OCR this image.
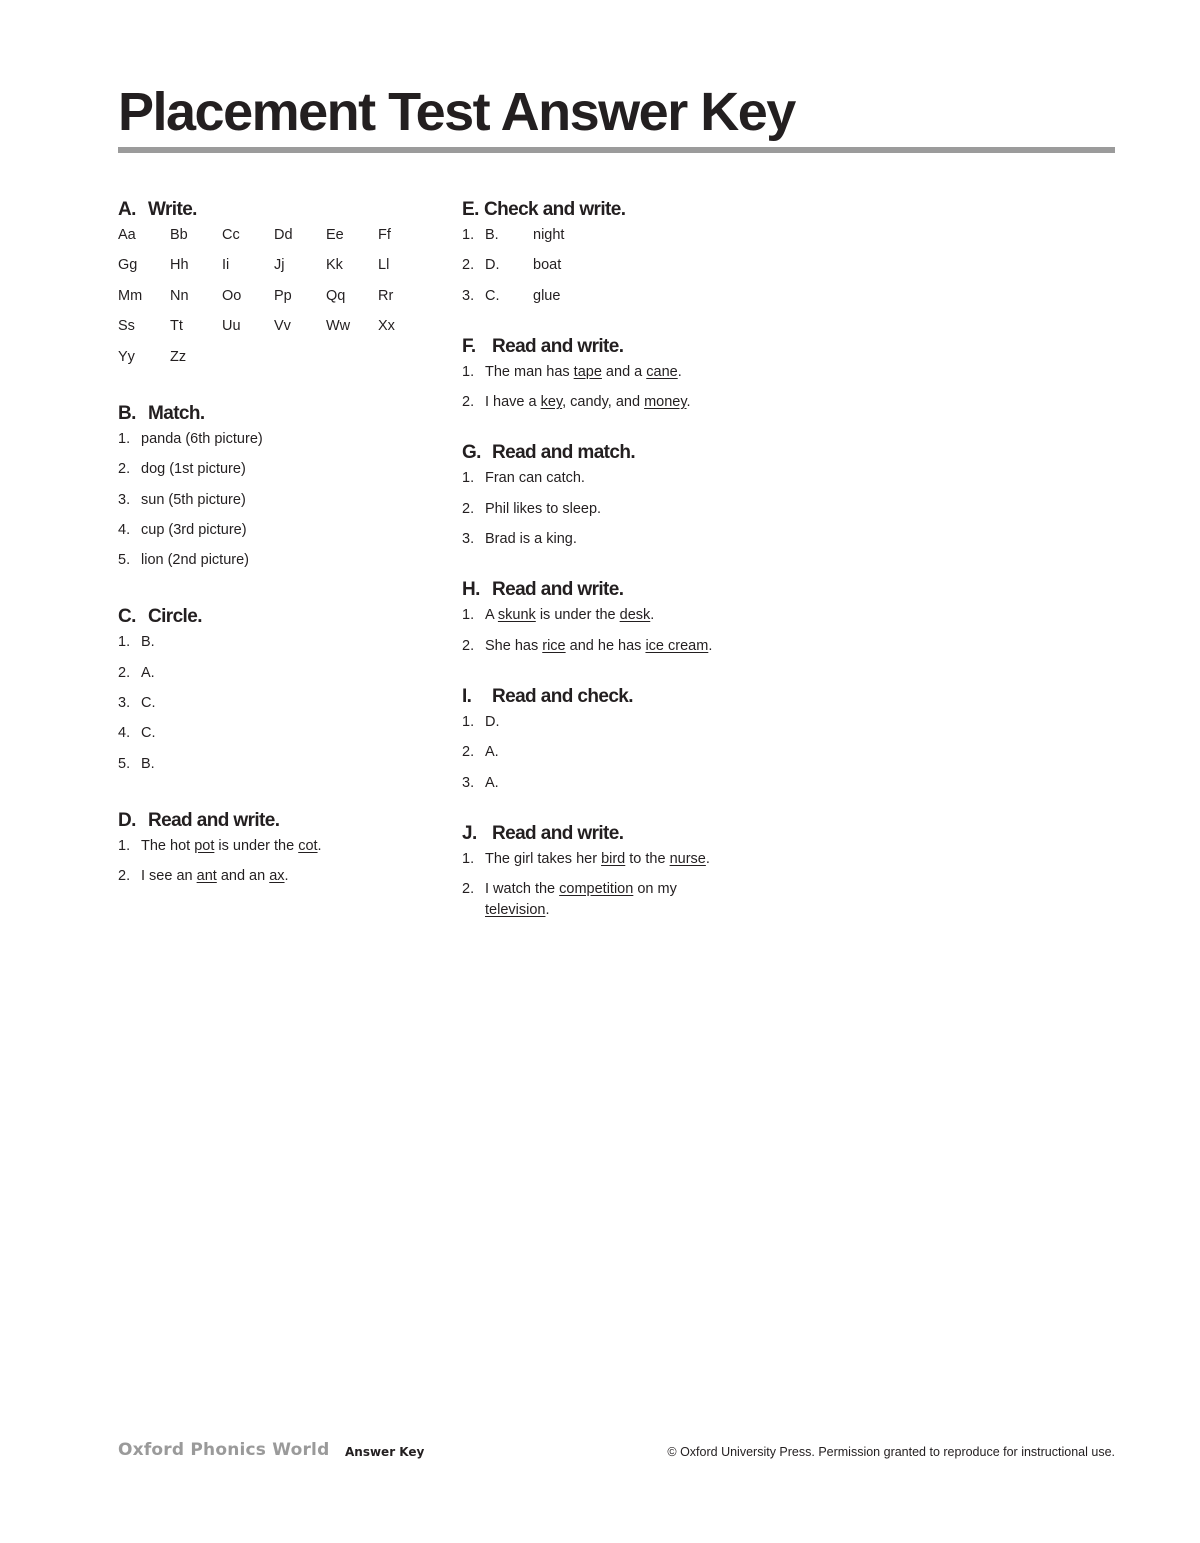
Placement Test Answer Key
A. Write.
Aa	Bb	Cc	Dd	Ee	Ff
Gg	Hh	Ii	Jj	Kk	Ll
Mm	Nn	Oo	Pp	Qq	Rr
Ss	Tt	Uu	Vv	Ww	Xx
Yy	Zz
B. Match.
1. panda (6th picture)
2. dog (1st picture)
3. sun (5th picture)
4. cup (3rd picture)
5. lion (2nd picture)
C. Circle.
1. B.
2. A.
3. C.
4. C.
5. B.
D. Read and write.
1. The hot pot is under the cot.
2. I see an ant and an ax.
E. Check and write.
1. B. night
2. D. boat
3. C. glue
F. Read and write.
1. The man has tape and a cane.
2. I have a key, candy, and money.
G. Read and match.
1. Fran can catch.
2. Phil likes to sleep.
3. Brad is a king.
H. Read and write.
1. A skunk is under the desk.
2. She has rice and he has ice cream.
I. Read and check.
1. D.
2. A.
3. A.
J. Read and write.
1. The girl takes her bird to the nurse.
2. I watch the competition on my television.
Oxford Phonics World Answer Key	© Oxford University Press. Permission granted to reproduce for instructional use.
